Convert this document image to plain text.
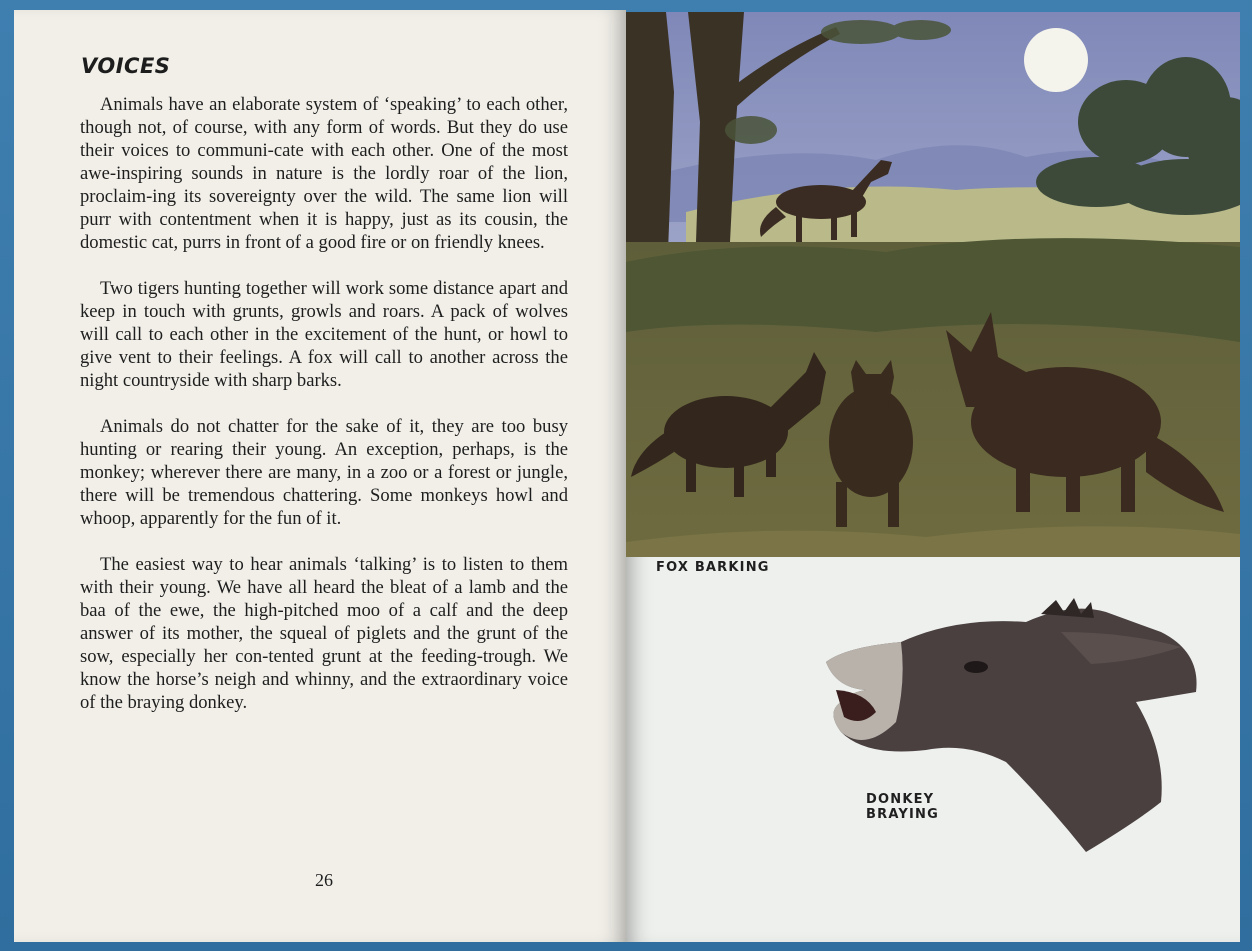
VOICES

Animals have an elaborate system of ‘speaking’ to each other, though not, of course, with any form of words. But they do use their voices to communi-cate with each other. One of the most awe-inspiring sounds in nature is the lordly roar of the lion, proclaim-ing its sovereignty over the wild. The same lion will purr with contentment when it is happy, just as its cousin, the domestic cat, purrs in front of a good fire or on friendly knees.

Two tigers hunting together will work some distance apart and keep in touch with grunts, growls and roars. A pack of wolves will call to each other in the excitement of the hunt, or howl to give vent to their feelings. A fox will call to another across the night countryside with sharp barks.

Animals do not chatter for the sake of it, they are too busy hunting or rearing their young. An exception, perhaps, is the monkey; wherever there are many, in a zoo or a forest or jungle, there will be tremendous chattering. Some monkeys howl and whoop, apparently for the fun of it.

The easiest way to hear animals ‘talking’ is to listen to them with their young. We have all heard the bleat of a lamb and the baa of the ewe, the high-pitched moo of a calf and the deep answer of its mother, the squeal of piglets and the grunt of the sow, especially her con-tented grunt at the feeding-trough. We know the horse’s neigh and whinny, and the extraordinary voice of the braying donkey.

26

FOX BARKING

DONKEY
BRAYING
